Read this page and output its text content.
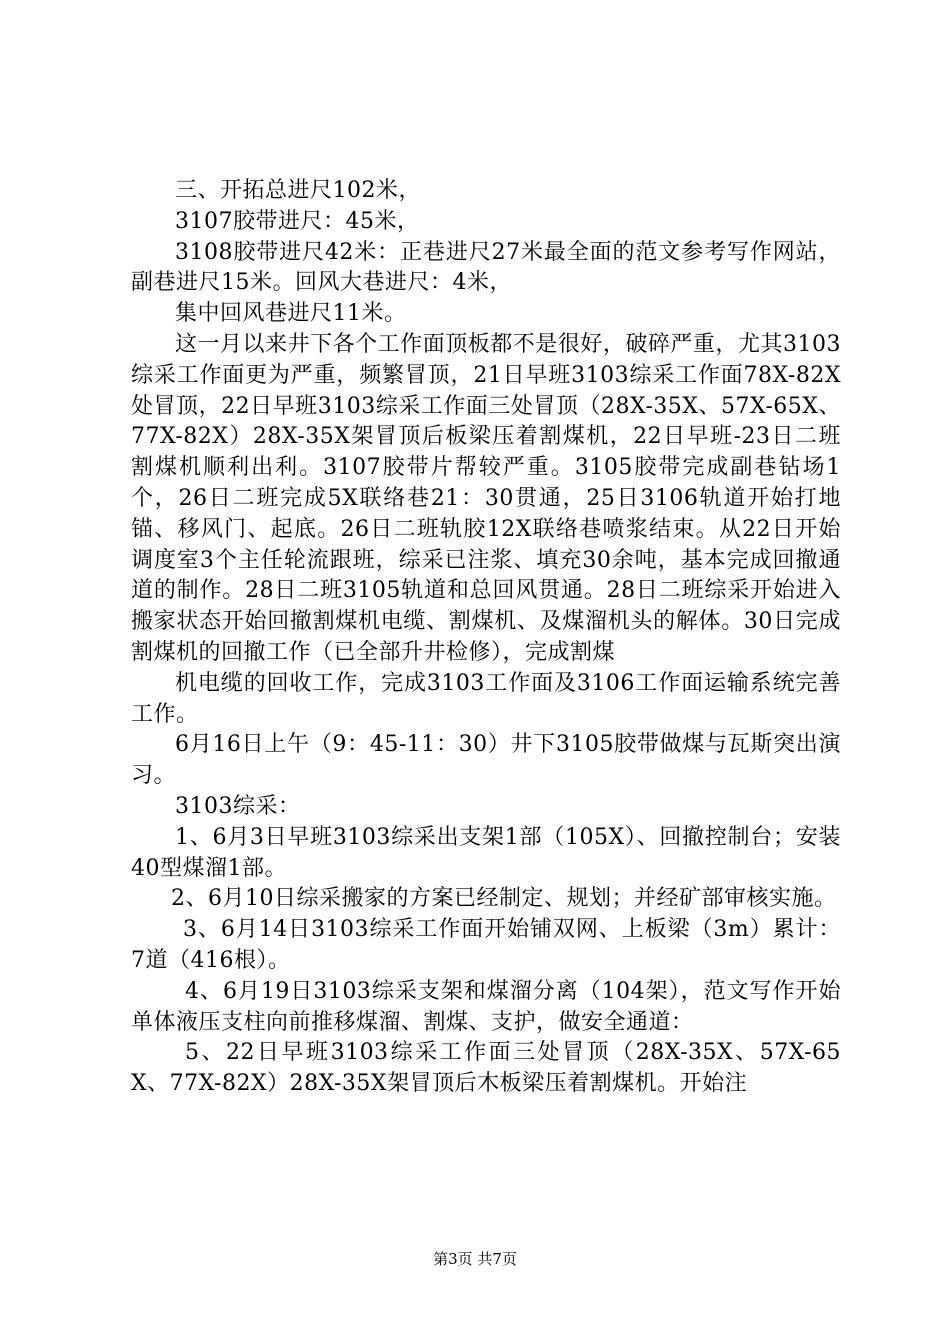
三、开拓总进尺102米，

3107胶带进尺：45米，

3108胶带进尺42米：正巷进尺27米最全面的范文参考写作网站，副巷进尺15米。回风大巷进尺：4米，

集中回风巷进尺11米。

这一月以来井下各个工作面顶板都不是很好，破碎严重，尤其3103综采工作面更为严重，频繁冒顶，21日早班3103综采工作面78X-82X处冒顶，22日早班3103综采工作面三处冒顶（28X-35X、57X-65X、77X-82X）28X-35X架冒顶后板梁压着割煤机，22日早班-23日二班割煤机顺利出利。3107胶带片帮较严重。3105胶带完成副巷钻场1个，26日二班完成5X联络巷21：30贯通，25日3106轨道开始打地锚、移风门、起底。26日二班轨胶12X联络巷喷浆结束。从22日开始调度室3个主任轮流跟班，综采已注浆、填充30余吨，基本完成回撤通道的制作。28日二班3105轨道和总回风贯通。28日二班综采开始进入搬家状态开始回撤割煤机电缆、割煤机、及煤溜机头的解体。30日完成割煤机的回撤工作（已全部升井检修），完成割煤

机电缆的回收工作，完成3103工作面及3106工作面运输系统完善工作。

6月16日上午（9：45-11：30）井下3105胶带做煤与瓦斯突出演习。

3103综采：

1、6月3日早班3103综采出支架1部（105X）、回撤控制台；安装40型煤溜1部。

2、6月10日综采搬家的方案已经制定、规划；并经矿部审核实施。

3、6月14日3103综采工作面开始铺双网、上板梁（3m）累计：7道（416根）。

4、6月19日3103综采支架和煤溜分离（104架），范文写作开始单体液压支柱向前推移煤溜、割煤、支护，做安全通道：

5、22日早班3103综采工作面三处冒顶（28X-35X、57X-65X、77X-82X）28X-35X架冒顶后木板梁压着割煤机。开始注

第3页 共7页
